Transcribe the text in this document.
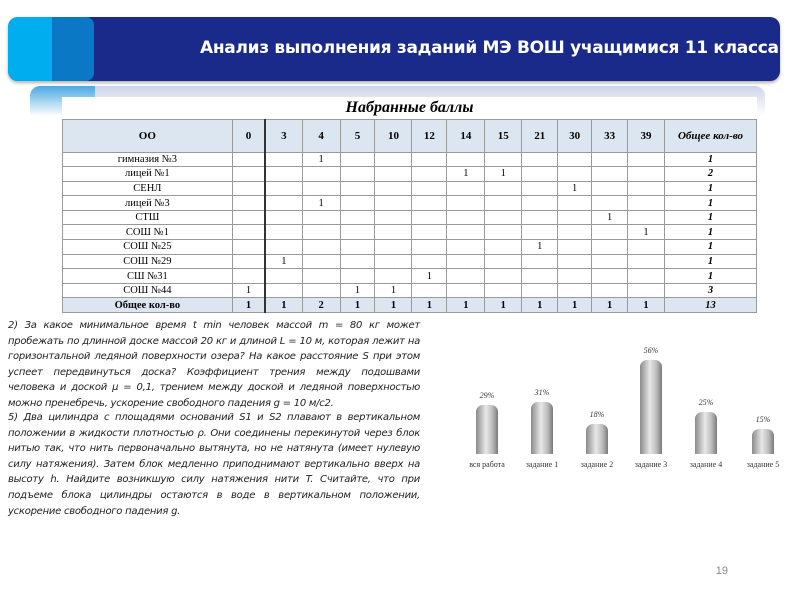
Анализ выполнения заданий МЭ ВОШ учащимися 11 класса
Набранные баллы													
ОО	0	3	4	5	10	12	14	15	21	30	33	39	Общее кол-во
гимназия №3			1										1
лицей №1							1	1					2
СЕНЛ										1			1
лицей №3			1										1
СТШ											1		1
СОШ №1												1	1
СОШ №25									1				1
СОШ №29		1											1
СШ №31						1							1
СОШ №44	1			1	1								3
Общее кол-во	1	1	2	1	1	1	1	1	1	1	1	1	13
2) За какое минимальное время t min человек массой m = 80 кг может пробежать по длинной доске массой 20 кг и длиной L = 10 м, которая лежит на горизонтальной ледяной поверхности озера? На какое расстояние S при этом успеет передвинуться доска? Коэффициент трения между подошвами человека и доской μ = 0,1, трением между доской и ледяной поверхностью можно пренебречь, ускорение свободного падения g = 10 м/с2.
5) Два цилиндра с площадями оснований S1 и S2 плавают в вертикальном положении в жидкости плотностью ρ. Они соединены перекинутой через блок нитью так, что нить первоначально вытянута, но не натянута (имеет нулевую силу натяжения). Затем блок медленно приподнимают вертикально вверх на высоту h. Найдите возникшую силу натяжения нити T. Считайте, что при подъеме блока цилиндры остаются в воде в вертикальном положении, ускорение свободного падения g.
29%
вся работа
31%
задание 1
18%
задание 2
56%
задание 3
25%
задание 4
15%
задание 5
19
